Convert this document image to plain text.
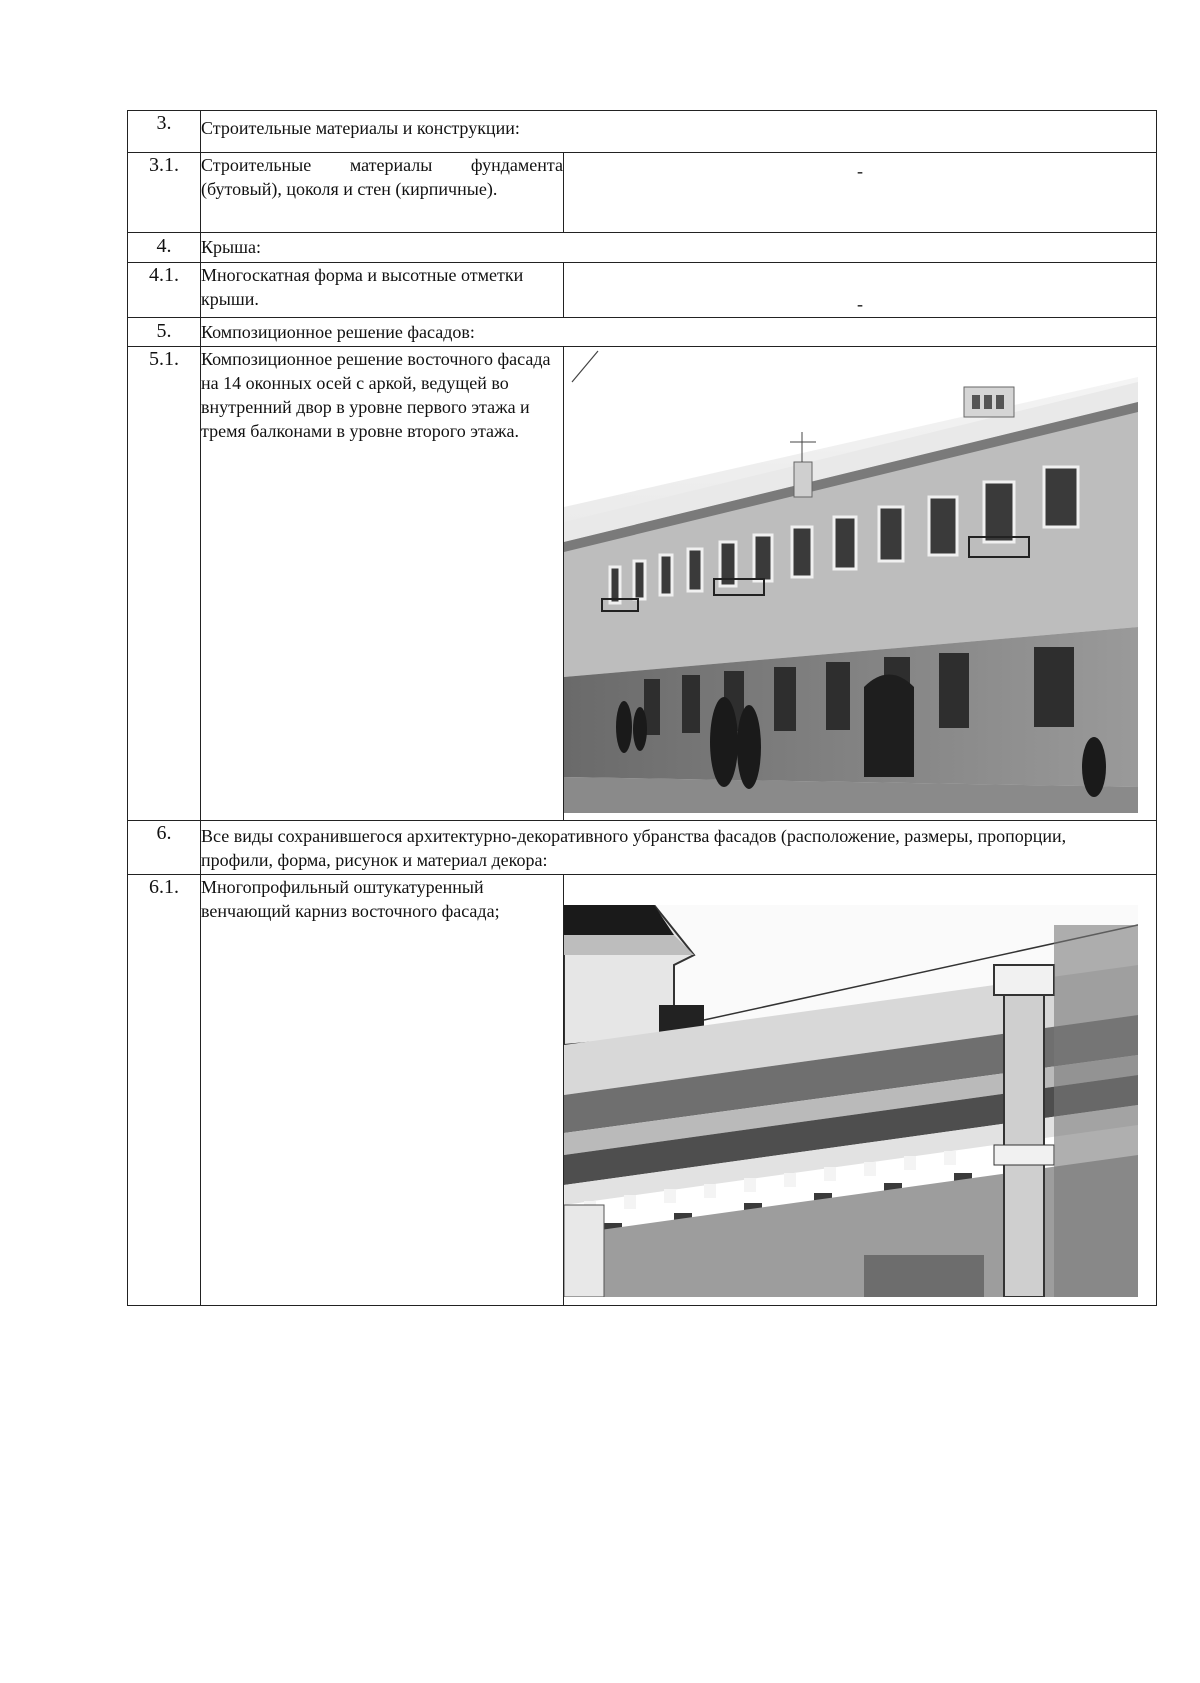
3.	Строительные материалы и конструкции:	
3.1.	Строительные материалы фундамента (бутовый), цоколя и стен (кирпичные).	-
4.	Крыша:	
4.1.	Многоскатная форма и высотные отметки крыши.	-
5.	Композиционное решение фасадов:	
5.1.	Композиционное решение восточного фасада на 14 оконных осей с аркой, ведущей во внутренний двор в уровне первого этажа и тремя балконами в уровне второго этажа.	

6.	Все виды сохранившегося архитектурно-декоративного убранства фасадов (расположение, размеры, пропорции, профили, форма, рисунок и материал декора:	
6.1.	Многопрофильный оштукатуренный венчающий карниз восточного фасада;	
